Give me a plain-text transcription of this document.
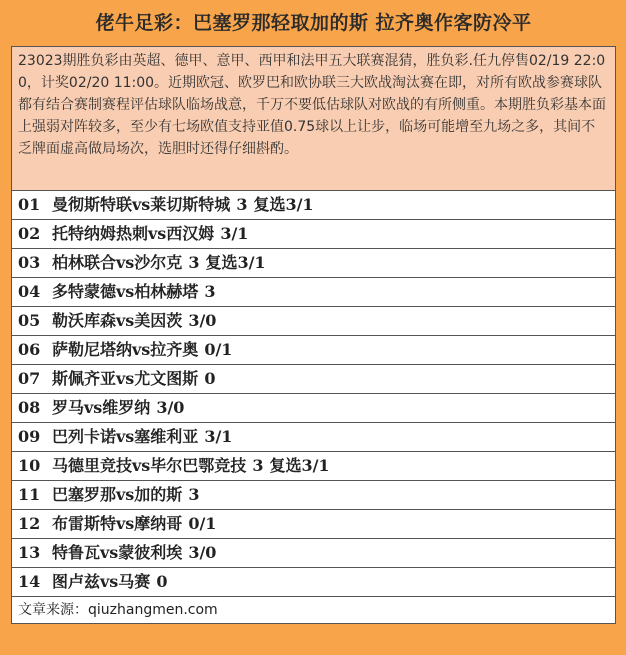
佬牛足彩：巴塞罗那轻取加的斯 拉齐奥作客防冷平
23023期胜负彩由英超、德甲、意甲、西甲和法甲五大联赛混猜，胜负彩.任九停售02/19 22:00，计奖02/20 11:00。近期欧冠、欧罗巴和欧协联三大欧战淘汰赛在即，对所有欧战参赛球队都有结合赛制赛程评估球队临场战意，千万不要低估球队对欧战的有所侧重。本期胜负彩基本面上强弱对阵较多，至少有七场欧值支持亚值0.75球以上让步，临场可能增至九场之多，其间不乏牌面虚高做局场次，选胆时还得仔细斟酌。
01 曼彻斯特联vs莱切斯特城 3 复选3/1
02 托特纳姆热刺vs西汉姆 3/1
03 柏林联合vs沙尔克 3 复选3/1
04 多特蒙德vs柏林赫塔 3
05 勒沃库森vs美因茨 3/0
06 萨勒尼塔纳vs拉齐奥 0/1
07 斯佩齐亚vs尤文图斯 0
08 罗马vs维罗纳 3/0
09 巴列卡诺vs塞维利亚 3/1
10 马德里竞技vs毕尔巴鄂竞技 3 复选3/1
11 巴塞罗那vs加的斯 3
12 布雷斯特vs摩纳哥 0/1
13 特鲁瓦vs蒙彼利埃 3/0
14 图卢兹vs马赛 0
文章来源：qiuzhangmen.com
